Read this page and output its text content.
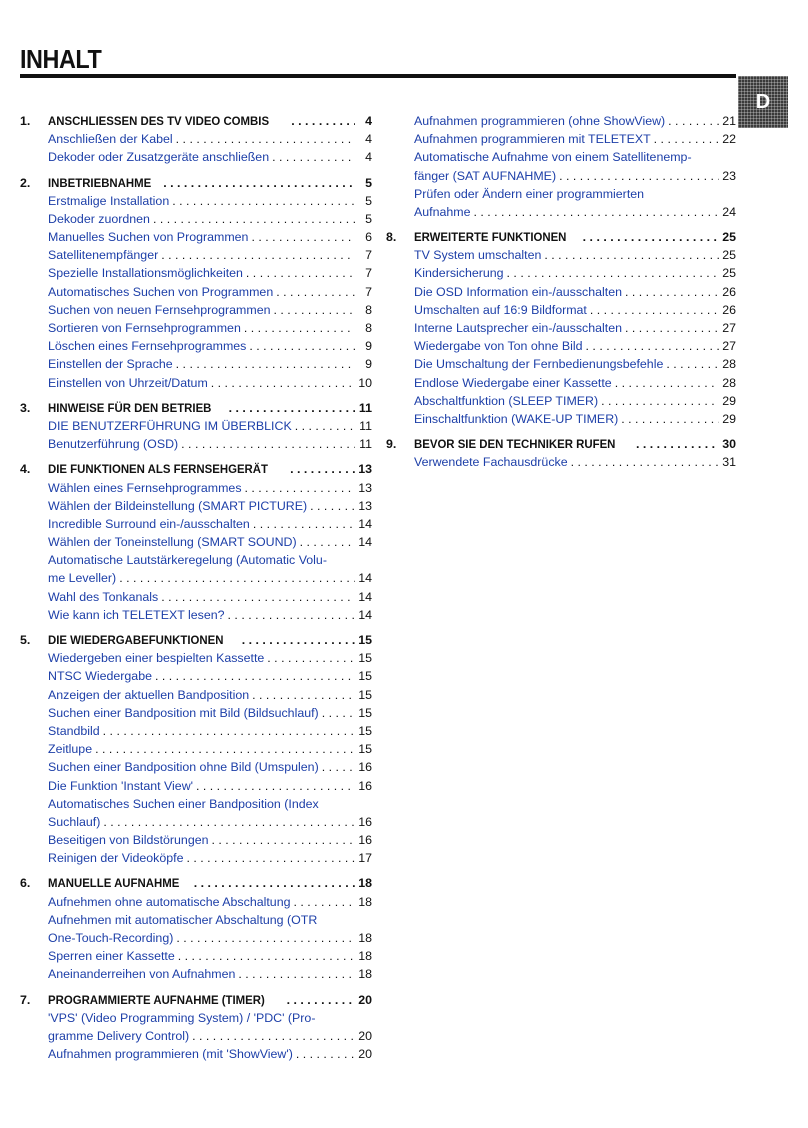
INHALT
D
1.	ANSCHLIESSEN DES TV VIDEO COMBIS . . .	4
Anschließen der Kabel . . .	4
Dekoder oder Zusatzgeräte anschließen . . .	4
2.	INBETRIEBNAHME . . .	5
Erstmalige Installation . . .	5
Dekoder zuordnen . . .	5
Manuelles Suchen von Programmen . . .	6
Satellitenempfänger . . .	7
Spezielle Installationsmöglichkeiten . . .	7
Automatisches Suchen von Programmen . . .	7
Suchen von neuen Fernsehprogrammen . . .	8
Sortieren von Fernsehprogrammen . . .	8
Löschen eines Fernsehprogrammes . . .	9
Einstellen der Sprache . . .	9
Einstellen von Uhrzeit/Datum . . .	10
3.	HINWEISE FÜR DEN BETRIEB . . .	11
DIE BENUTZERFÜHRUNG IM ÜBERBLICK . . .	11
Benutzerführung (OSD) . . .	11
4.	DIE FUNKTIONEN ALS FERNSEHGERÄT . . .	13
Wählen eines Fernsehprogrammes . . .	13
Wählen der Bildeinstellung (SMART PICTURE) . . .	13
Incredible Surround ein-/ausschalten . . .	14
Wählen der Toneinstellung (SMART SOUND) . . .	14
Automatische Lautstärkeregelung (Automatic Volu-
me Leveller) . . .	14
Wahl des Tonkanals . . .	14
Wie kann ich TELETEXT lesen? . . .	14
5.	DIE WIEDERGABEFUNKTIONEN . . .	15
Wiedergeben einer bespielten Kassette . . .	15
NTSC Wiedergabe . . .	15
Anzeigen der aktuellen Bandposition . . .	15
Suchen einer Bandposition mit Bild (Bildsuchlauf) . . .	15
Standbild . . .	15
Zeitlupe . . .	15
Suchen einer Bandposition ohne Bild (Umspulen) . . .	16
Die Funktion 'Instant View' . . .	16
Automatisches Suchen einer Bandposition (Index
Suchlauf) . . .	16
Beseitigen von Bildstörungen . . .	16
Reinigen der Videoköpfe . . .	17
6.	MANUELLE AUFNAHME . . .	18
Aufnehmen ohne automatische Abschaltung . . .	18
Aufnehmen mit automatischer Abschaltung (OTR
One-Touch-Recording) . . .	18
Sperren einer Kassette . . .	18
Aneinanderreihen von Aufnahmen . . .	18
7.	PROGRAMMIERTE AUFNAHME (TIMER) . . .	20
'VPS' (Video Programming System) / 'PDC' (Pro-
gramme Delivery Control) . . .	20
Aufnahmen programmieren (mit 'ShowView') . . .	20
Aufnahmen programmieren (ohne ShowView) . . .	21
Aufnahmen programmieren mit TELETEXT . . .	22
Automatische Aufnahme von einem Satellitenemp-
fänger (SAT AUFNAHME) . . .	23
Prüfen oder Ändern einer programmierten
Aufnahme . . .	24
8.	ERWEITERTE FUNKTIONEN . . .	25
TV System umschalten . . .	25
Kindersicherung . . .	25
Die OSD Information ein-/ausschalten . . .	26
Umschalten auf 16:9 Bildformat . . .	26
Interne Lautsprecher ein-/ausschalten . . .	27
Wiedergabe von Ton ohne Bild . . .	27
Die Umschaltung der Fernbedienungsbefehle . . .	28
Endlose Wiedergabe einer Kassette . . .	28
Abschaltfunktion (SLEEP TIMER) . . .	29
Einschaltfunktion (WAKE-UP TIMER) . . .	29
9.	BEVOR SIE DEN TECHNIKER RUFEN . . .	30
Verwendete Fachausdrücke . . .	31
